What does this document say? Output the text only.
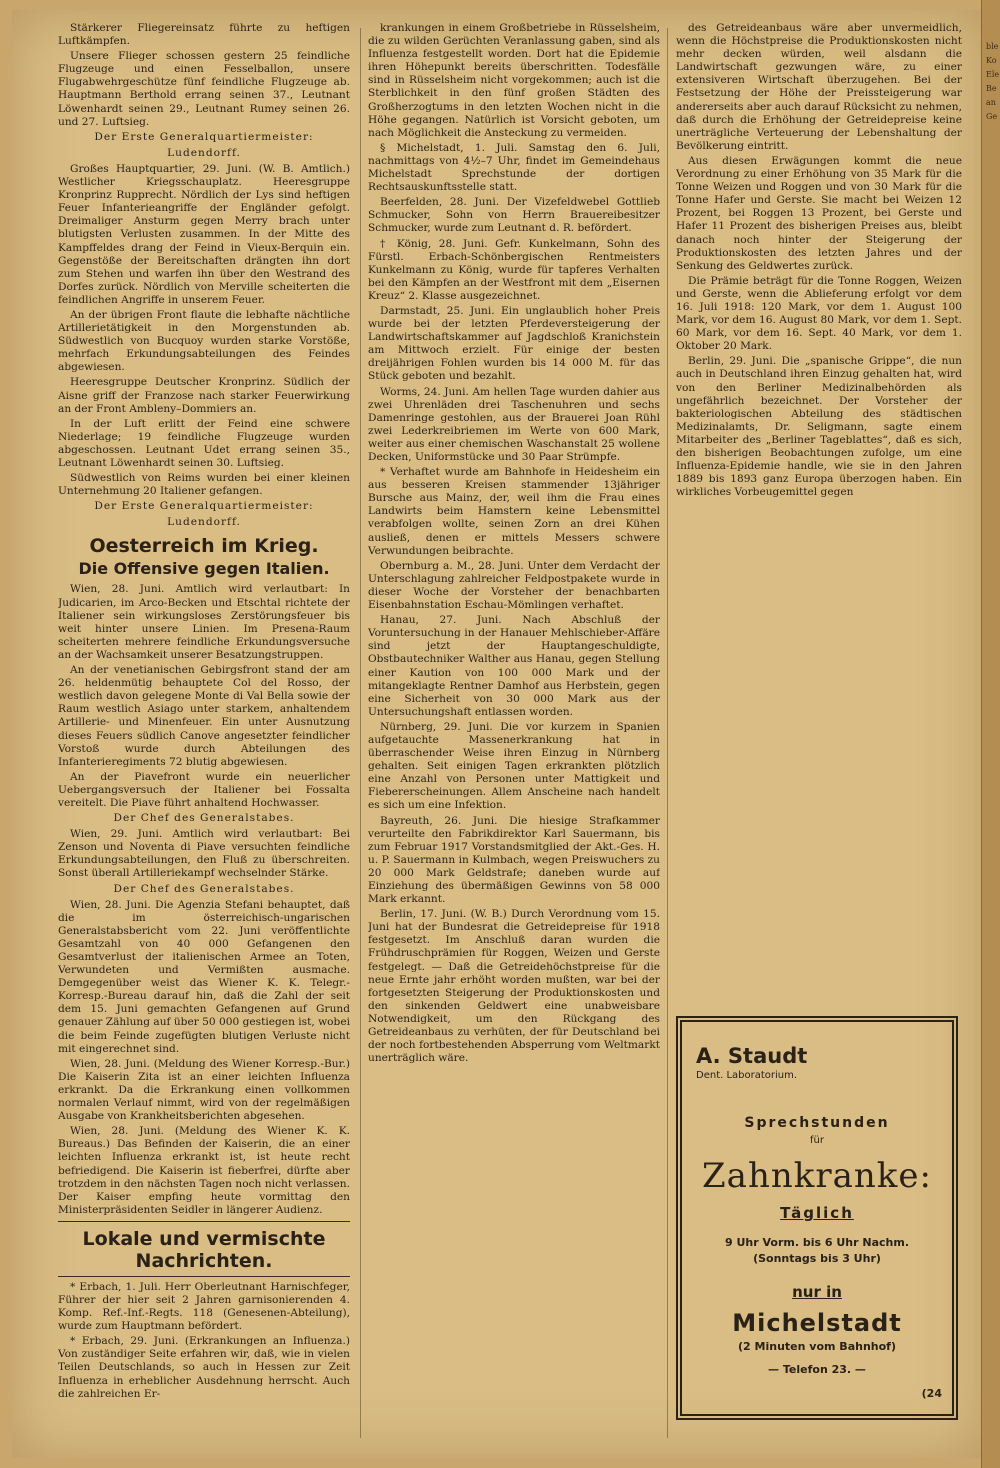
ble Ko Ele Be an Ge

Stärkerer Fliegereinsatz führte zu heftigen Luftkämpfen.

Unsere Flieger schossen gestern 25 feindliche Flugzeuge und einen Fesselballon, unsere Flugabwehrgeschütze fünf feindliche Flugzeuge ab. Hauptmann Berthold errang seinen 37., Leutnant Löwenhardt seinen 29., Leutnant Rumey seinen 26. und 27. Luftsieg.

Der Erste Generalquartiermeister:

Ludendorff.

Großes Hauptquartier, 29. Juni. (W. B. Amtlich.) Westlicher Kriegsschauplatz. Heeresgruppe Kronprinz Rupprecht. Nördlich der Lys sind heftigen Feuer Infanterieangriffe der Engländer gefolgt. Dreimaliger Ansturm gegen Merry brach unter blutigsten Verlusten zusammen. In der Mitte des Kampffeldes drang der Feind in Vieux-Berquin ein. Gegenstöße der Bereitschaften drängten ihn dort zum Stehen und warfen ihn über den Westrand des Dorfes zurück. Nördlich von Merville scheiterten die feindlichen Angriffe in unserem Feuer.

An der übrigen Front flaute die lebhafte nächtliche Artillerietätigkeit in den Morgenstunden ab. Südwestlich von Bucquoy wurden starke Vorstöße, mehrfach Erkundungsabteilungen des Feindes abgewiesen.

Heeresgruppe Deutscher Kronprinz. Südlich der Aisne griff der Franzose nach starker Feuerwirkung an der Front Ambleny–Dommiers an.

In der Luft erlitt der Feind eine schwere Niederlage; 19 feindliche Flugzeuge wurden abgeschossen. Leutnant Udet errang seinen 35., Leutnant Löwenhardt seinen 30. Luftsieg.

Südwestlich von Reims wurden bei einer kleinen Unternehmung 20 Italiener gefangen.

Der Erste Generalquartiermeister:

Ludendorff.

Oesterreich im Krieg.
Die Offensive gegen Italien.

Wien, 28. Juni. Amtlich wird verlautbart: In Judicarien, im Arco-Becken und Etschtal richtete der Italiener sein wirkungsloses Zerstörungsfeuer bis weit hinter unsere Linien. Im Presena-Raum scheiterten mehrere feindliche Erkundungsversuche an der Wachsamkeit unserer Besatzungstruppen.

An der venetianischen Gebirgsfront stand der am 26. heldenmütig behauptete Col del Rosso, der westlich davon gelegene Monte di Val Bella sowie der Raum westlich Asiago unter starkem, anhaltendem Artillerie- und Minenfeuer. Ein unter Ausnutzung dieses Feuers südlich Canove angesetzter feindlicher Vorstoß wurde durch Abteilungen des Infanterieregiments 72 blutig abgewiesen.

An der Piavefront wurde ein neuerlicher Uebergangsversuch der Italiener bei Fossalta vereitelt. Die Piave führt anhaltend Hochwasser.

Der Chef des Generalstabes.

Wien, 29. Juni. Amtlich wird verlautbart: Bei Zenson und Noventa di Piave versuchten feindliche Erkundungsabteilungen, den Fluß zu überschreiten. Sonst überall Artilleriekampf wechselnder Stärke.

Der Chef des Generalstabes.

Wien, 28. Juni. Die Agenzia Stefani behauptet, daß die im österreichisch-ungarischen Generalstabsbericht vom 22. Juni veröffentlichte Gesamtzahl von 40 000 Gefangenen den Gesamtverlust der italienischen Armee an Toten, Verwundeten und Vermißten ausmache. Demgegenüber weist das Wiener K. K. Telegr.-Korresp.-Bureau darauf hin, daß die Zahl der seit dem 15. Juni gemachten Gefangenen auf Grund genauer Zählung auf über 50 000 gestiegen ist, wobei die beim Feinde zugefügten blutigen Verluste nicht mit eingerechnet sind.

Wien, 28. Juni. (Meldung des Wiener Korresp.-Bur.) Die Kaiserin Zita ist an einer leichten Influenza erkrankt. Da die Erkrankung einen vollkommen normalen Verlauf nimmt, wird von der regelmäßigen Ausgabe von Krankheitsberichten abgesehen.

Wien, 28. Juni. (Meldung des Wiener K. K. Bureaus.) Das Befinden der Kaiserin, die an einer leichten Influenza erkrankt ist, ist heute recht befriedigend. Die Kaiserin ist fieberfrei, dürfte aber trotzdem in den nächsten Tagen noch nicht verlassen. Der Kaiser empfing heute vormittag den Ministerpräsidenten Seidler in längerer Audienz.

Lokale und vermischte Nachrichten.

* Erbach, 1. Juli. Herr Oberleutnant Harnischfeger, Führer der hier seit 2 Jahren garnisonierenden 4. Komp. Ref.-Inf.-Regts. 118 (Genesenen-Abteilung), wurde zum Hauptmann befördert.

* Erbach, 29. Juni. (Erkrankungen an Influenza.) Von zuständiger Seite erfahren wir, daß, wie in vielen Teilen Deutschlands, so auch in Hessen zur Zeit Influenza in erheblicher Ausdehnung herrscht. Auch die zahlreichen Er-

krankungen in einem Großbetriebe in Rüsselsheim, die zu wilden Gerüchten Veranlassung gaben, sind als Influenza festgestellt worden. Dort hat die Epidemie ihren Höhepunkt bereits überschritten. Todesfälle sind in Rüsselsheim nicht vorgekommen; auch ist die Sterblichkeit in den fünf großen Städten des Großherzogtums in den letzten Wochen nicht in die Höhe gegangen. Natürlich ist Vorsicht geboten, um nach Möglichkeit die Ansteckung zu vermeiden.

§ Michelstadt, 1. Juli. Samstag den 6. Juli, nachmittags von 4½–7 Uhr, findet im Gemeindehaus Michelstadt Sprechstunde der dortigen Rechtsauskunftsstelle statt.

Beerfelden, 28. Juni. Der Vizefeldwebel Gottlieb Schmucker, Sohn von Herrn Brauereibesitzer Schmucker, wurde zum Leutnant d. R. befördert.

† König, 28. Juni. Gefr. Kunkelmann, Sohn des Fürstl. Erbach-Schönbergischen Rentmeisters Kunkelmann zu König, wurde für tapferes Verhalten bei den Kämpfen an der Westfront mit dem „Eisernen Kreuz“ 2. Klasse ausgezeichnet.

Darmstadt, 25. Juni. Ein unglaublich hoher Preis wurde bei der letzten Pferdeversteigerung der Landwirtschaftskammer auf Jagdschloß Kranichstein am Mittwoch erzielt. Für einige der besten dreijährigen Fohlen wurden bis 14 000 M. für das Stück geboten und bezahlt.

Worms, 24. Juni. Am hellen Tage wurden dahier aus zwei Uhrenläden drei Taschenuhren und sechs Damenringe gestohlen, aus der Brauerei Joan Rühl zwei Lederkreibriemen im Werte von 600 Mark, weiter aus einer chemischen Waschanstalt 25 wollene Decken, Uniformstücke und 30 Paar Strümpfe.

* Verhaftet wurde am Bahnhofe in Heidesheim ein aus besseren Kreisen stammender 13jähriger Bursche aus Mainz, der, weil ihm die Frau eines Landwirts beim Hamstern keine Lebensmittel verabfolgen wollte, seinen Zorn an drei Kühen ausließ, denen er mittels Messers schwere Verwundungen beibrachte.

Obernburg a. M., 28. Juni. Unter dem Verdacht der Unterschlagung zahlreicher Feldpostpakete wurde in dieser Woche der Vorsteher der benachbarten Eisenbahnstation Eschau-Mömlingen verhaftet.

Hanau, 27. Juni. Nach Abschluß der Voruntersuchung in der Hanauer Mehlschieber-Affäre sind jetzt der Hauptangeschuldigte, Obstbautechniker Walther aus Hanau, gegen Stellung einer Kaution von 100 000 Mark und der mitangeklagte Rentner Damhof aus Herbstein, gegen eine Sicherheit von 30 000 Mark aus der Untersuchungshaft entlassen worden.

Nürnberg, 29. Juni. Die vor kurzem in Spanien aufgetauchte Massenerkrankung hat in überraschender Weise ihren Einzug in Nürnberg gehalten. Seit einigen Tagen erkrankten plötzlich eine Anzahl von Personen unter Mattigkeit und Fiebererscheinungen. Allem Anscheine nach handelt es sich um eine Infektion.

Bayreuth, 26. Juni. Die hiesige Strafkammer verurteilte den Fabrikdirektor Karl Sauermann, bis zum Februar 1917 Vorstandsmitglied der Akt.-Ges. H. u. P. Sauermann in Kulmbach, wegen Preiswuchers zu 20 000 Mark Geldstrafe; daneben wurde auf Einziehung des übermäßigen Gewinns von 58 000 Mark erkannt.

Berlin, 17. Juni. (W. B.) Durch Verordnung vom 15. Juni hat der Bundesrat die Getreidepreise für 1918 festgesetzt. Im Anschluß daran wurden die Frühdruschprämien für Roggen, Weizen und Gerste festgelegt. — Daß die Getreidehöchstpreise für die neue Ernte jahr erhöht worden mußten, war bei der fortgesetzten Steigerung der Produktionskosten und den sinkenden Geldwert eine unabweisbare Notwendigkeit, um den Rückgang des Getreideanbaus zu verhüten, der für Deutschland bei der noch fortbestehenden Absperrung vom Weltmarkt unerträglich wäre.

des Getreideanbaus wäre aber unvermeidlich, wenn die Höchstpreise die Produktionskosten nicht mehr decken würden, weil alsdann die Landwirtschaft gezwungen wäre, zu einer extensiveren Wirtschaft überzugehen. Bei der Festsetzung der Höhe der Preissteigerung war andererseits aber auch darauf Rücksicht zu nehmen, daß durch die Erhöhung der Getreidepreise keine unerträgliche Verteuerung der Lebenshaltung der Bevölkerung eintritt.

Aus diesen Erwägungen kommt die neue Verordnung zu einer Erhöhung von 35 Mark für die Tonne Weizen und Roggen und von 30 Mark für die Tonne Hafer und Gerste. Sie macht bei Weizen 12 Prozent, bei Roggen 13 Prozent, bei Gerste und Hafer 11 Prozent des bisherigen Preises aus, bleibt danach noch hinter der Steigerung der Produktionskosten des letzten Jahres und der Senkung des Geldwertes zurück.

Die Prämie beträgt für die Tonne Roggen, Weizen und Gerste, wenn die Ablieferung erfolgt vor dem 16. Juli 1918: 120 Mark, vor dem 1. August 100 Mark, vor dem 16. August 80 Mark, vor dem 1. Sept. 60 Mark, vor dem 16. Sept. 40 Mark, vor dem 1. Oktober 20 Mark.

Berlin, 29. Juni. Die „spanische Grippe“, die nun auch in Deutschland ihren Einzug gehalten hat, wird von den Berliner Medizinalbehörden als ungefährlich bezeichnet. Der Vorsteher der bakteriologischen Abteilung des städtischen Medizinalamts, Dr. Seligmann, sagte einem Mitarbeiter des „Berliner Tageblattes“, daß es sich, den bisherigen Beobachtungen zufolge, um eine Influenza-Epidemie handle, wie sie in den Jahren 1889 bis 1893 ganz Europa überzogen haben. Ein wirkliches Vorbeugemittel gegen

A. Staudt
Dent. Laboratorium.
Sprechstunden
für
Zahnkranke:
Täglich
9 Uhr Vorm. bis 6 Uhr Nachm.
(Sonntags bis 3 Uhr)
nur in
Michelstadt
(2 Minuten vom Bahnhof)
— Telefon 23. —
(24
